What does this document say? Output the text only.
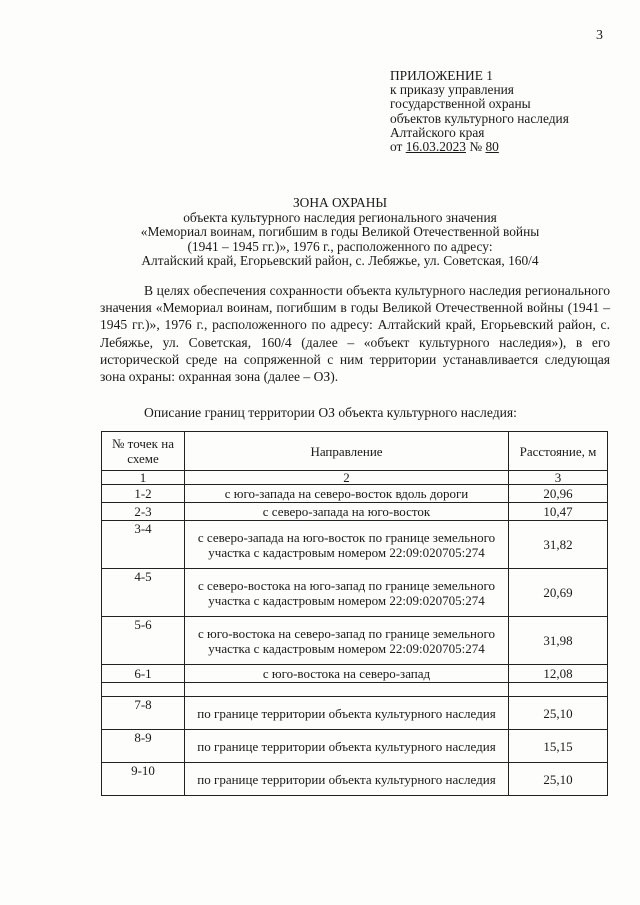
3
ПРИЛОЖЕНИЕ 1
к приказу управления
государственной охраны
объектов культурного наследия
Алтайского края
от 16.03.2023 № 80
ЗОНА ОХРАНЫ
объекта культурного наследия регионального значения
«Мемориал воинам, погибшим в годы Великой Отечественной войны
(1941 – 1945 гг.)», 1976 г., расположенного по адресу:
Алтайский край, Егорьевский район, с. Лебяжье, ул. Советская, 160/4
В целях обеспечения сохранности объекта культурного наследия регионального значения «Мемориал воинам, погибшим в годы Великой Отечественной войны (1941 – 1945 гг.)», 1976 г., расположенного по адресу: Алтайский край, Егорьевский район, с. Лебяжье, ул. Советская, 160/4 (далее – «объект культурного наследия»), в его исторической среде на сопряженной с ним территории устанавливается следующая зона охраны: охранная зона (далее – ОЗ).
Описание границ территории ОЗ объекта культурного наследия:
№ точек на схеме	Направление	Расстояние, м
1	2	3
1-2	с юго-запада на северо-восток вдоль дороги	20,96
2-3	с северо-запада на юго-восток	10,47
3-4	с северо-запада на юго-восток по границе земельного участка с кадастровым номером 22:09:020705:274	31,82
4-5	с северо-востока на юго-запад по границе земельного участка с кадастровым номером 22:09:020705:274	20,69
5-6	с юго-востока на северо-запад по границе земельного участка с кадастровым номером 22:09:020705:274	31,98
6-1	с юго-востока на северо-запад	12,08

7-8	по границе территории объекта культурного наследия	25,10
8-9	по границе территории объекта культурного наследия	15,15
9-10	по границе территории объекта культурного наследия	25,10
